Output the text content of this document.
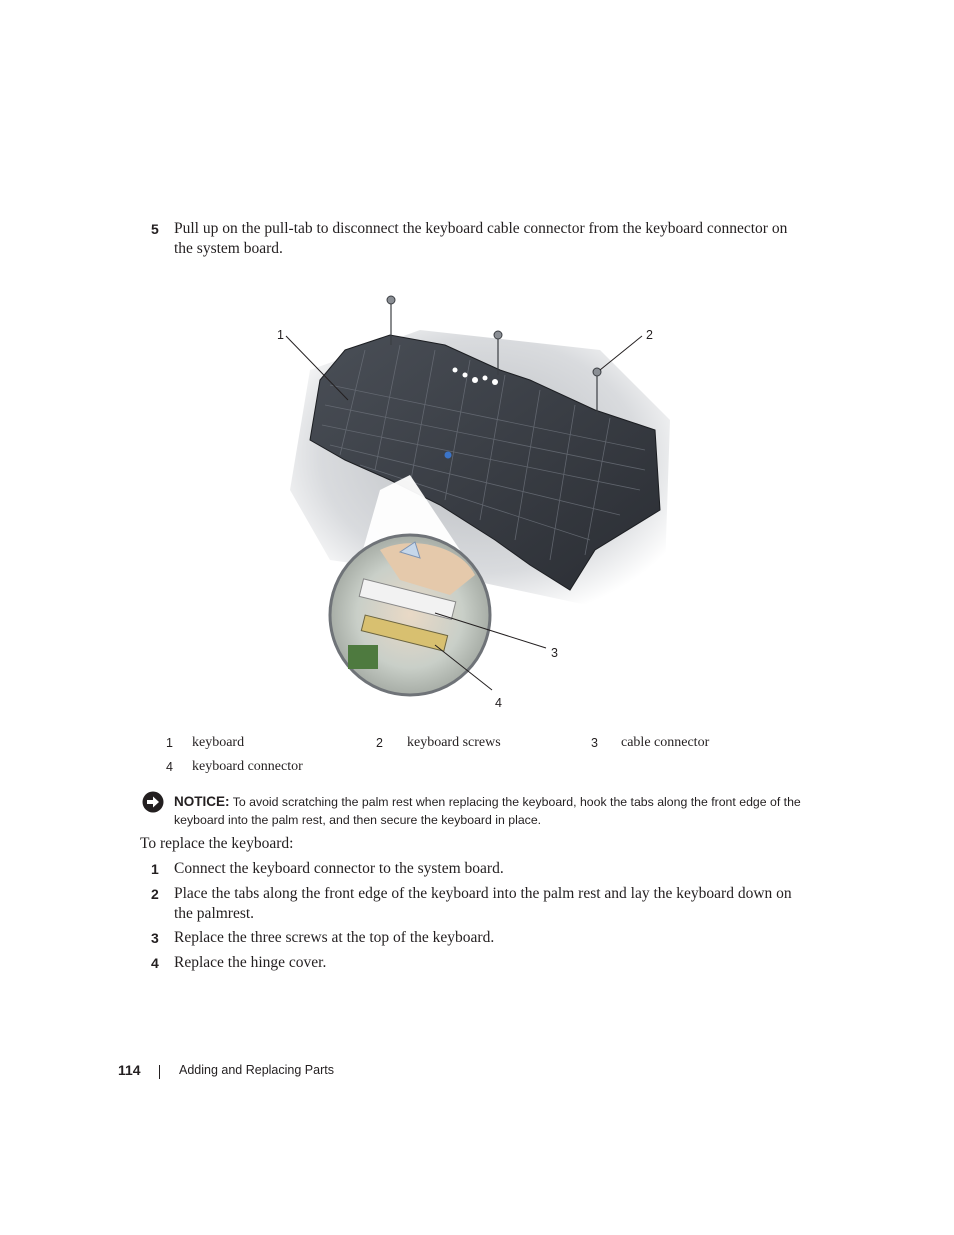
5 Pull up on the pull-tab to disconnect the keyboard cable connector from the keyboard connector on
the system board.
1	2
3
4
1 keyboard	2 keyboard screws	3 cable connector
4 keyboard connector
NOTICE: To avoid scratching the palm rest when replacing the keyboard, hook the tabs along the front edge of the keyboard into the palm rest, and then secure the keyboard in place.
To replace the keyboard:
1 Connect the keyboard connector to the system board.
2 Place the tabs along the front edge of the keyboard into the palm rest and lay the keyboard down on
the palmrest.
3 Replace the three screws at the top of the keyboard.
4 Replace the hinge cover.
114	Adding and Replacing Parts
